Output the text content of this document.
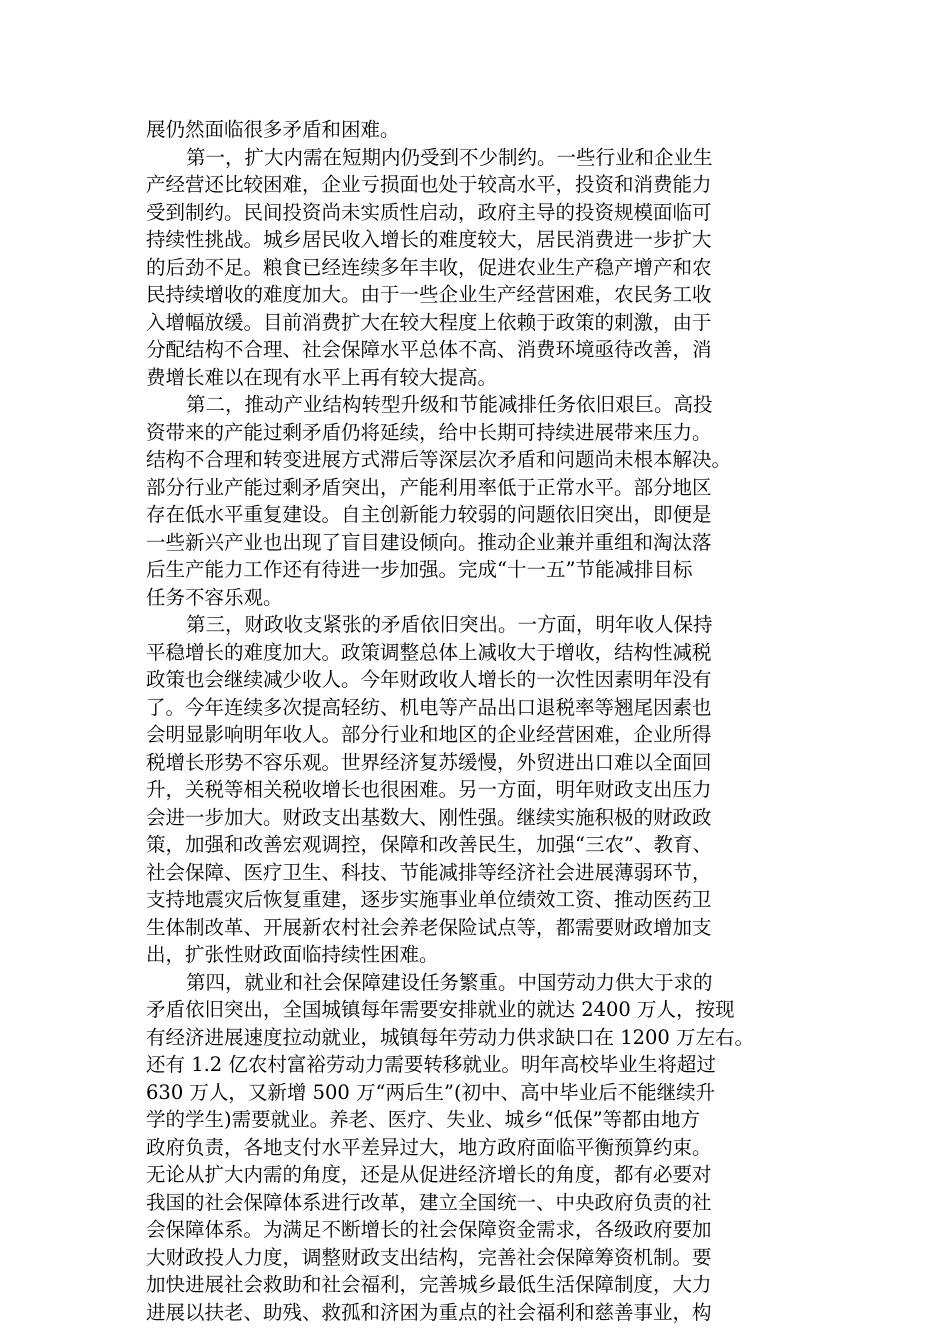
展仍然面临很多矛盾和困难。
第一，扩大内需在短期内仍受到不少制约。一些行业和企业生
产经营还比较困难，企业亏损面也处于较高水平，投资和消费能力
受到制约。民间投资尚未实质性启动，政府主导的投资规模面临可
持续性挑战。城乡居民收入增长的难度较大，居民消费进一步扩大
的后劲不足。粮食已经连续多年丰收，促进农业生产稳产增产和农
民持续增收的难度加大。由于一些企业生产经营困难，农民务工收
入增幅放缓。目前消费扩大在较大程度上依赖于政策的刺激，由于
分配结构不合理、社会保障水平总体不高、消费环境亟待改善，消
费增长难以在现有水平上再有较大提高。
第二，推动产业结构转型升级和节能减排任务依旧艰巨。高投
资带来的产能过剩矛盾仍将延续，给中长期可持续进展带来压力。
结构不合理和转变进展方式滞后等深层次矛盾和问题尚未根本解决。
部分行业产能过剩矛盾突出，产能利用率低于正常水平。部分地区
存在低水平重复建设。自主创新能力较弱的问题依旧突出，即便是
一些新兴产业也出现了盲目建设倾向。推动企业兼并重组和淘汰落
后生产能力工作还有待进一步加强。完成“十一五”节能减排目标
任务不容乐观。
第三，财政收支紧张的矛盾依旧突出。一方面，明年收人保持
平稳增长的难度加大。政策调整总体上减收大于增收，结构性减税
政策也会继续减少收人。今年财政收人增长的一次性因素明年没有
了。今年连续多次提高轻纺、机电等产品出口退税率等翘尾因素也
会明显影响明年收人。部分行业和地区的企业经营困难，企业所得
税增长形势不容乐观。世界经济复苏缓慢，外贸进出口难以全面回
升，关税等相关税收增长也很困难。另一方面，明年财政支出压力
会进一步加大。财政支出基数大、刚性强。继续实施积极的财政政
策，加强和改善宏观调控，保障和改善民生，加强“三农”、教育、
社会保障、医疗卫生、科技、节能减排等经济社会进展薄弱环节，
支持地震灾后恢复重建，逐步实施事业单位绩效工资、推动医药卫
生体制改革、开展新农村社会养老保险试点等，都需要财政增加支
出，扩张性财政面临持续性困难。
第四，就业和社会保障建设任务繁重。中国劳动力供大于求的
矛盾依旧突出，全国城镇每年需要安排就业的就达 2400 万人，按现
有经济进展速度拉动就业，城镇每年劳动力供求缺口在 1200 万左右。
还有 1.2 亿农村富裕劳动力需要转移就业。明年高校毕业生将超过
630 万人，又新增 500 万“两后生”(初中、高中毕业后不能继续升
学的学生)需要就业。养老、医疗、失业、城乡“低保”等都由地方
政府负责，各地支付水平差异过大，地方政府面临平衡预算约束。
无论从扩大内需的角度，还是从促进经济增长的角度，都有必要对
我国的社会保障体系进行改革，建立全国统一、中央政府负责的社
会保障体系。为满足不断增长的社会保障资金需求，各级政府要加
大财政投人力度，调整财政支出结构，完善社会保障筹资机制。要
加快进展社会救助和社会福利，完善城乡最低生活保障制度，大力
进展以扶老、助残、救孤和济困为重点的社会福利和慈善事业，构
